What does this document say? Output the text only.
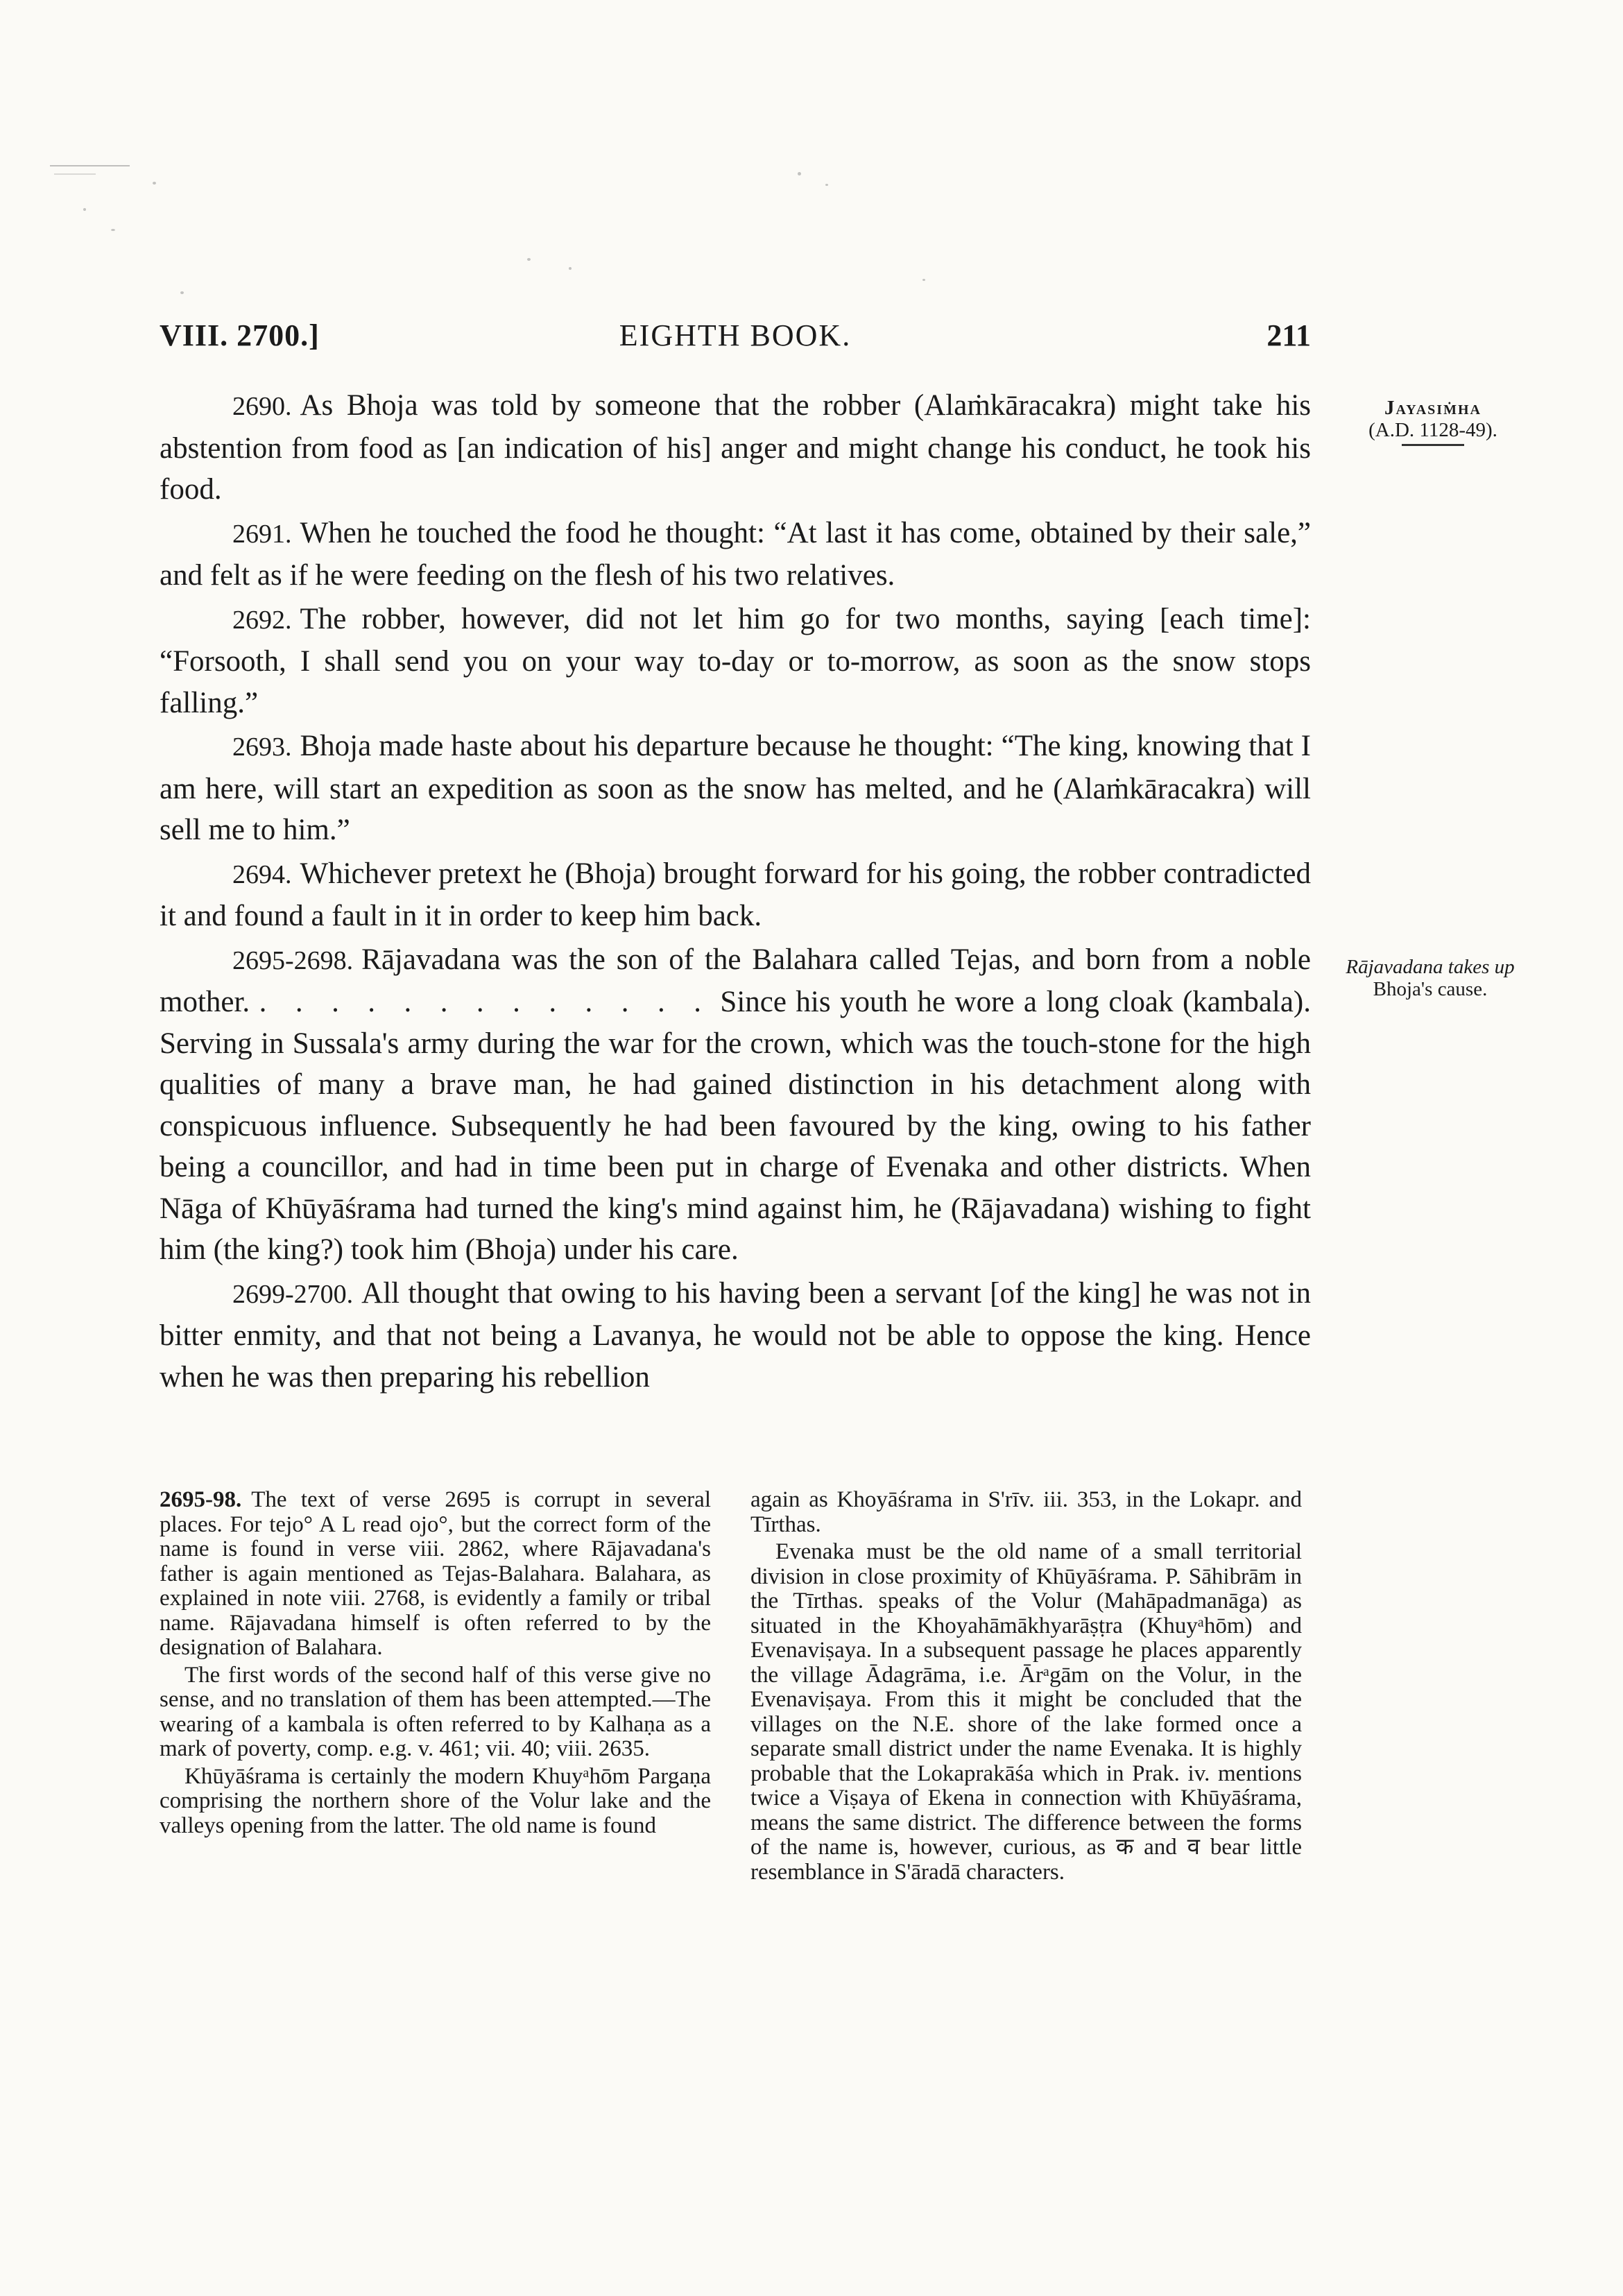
VIII. 2700.]	EIGHTH BOOK.	211
Jayasiṁha
(A.D. 1128-49).
Rājavadana takes up
Bhoja's cause.

2690. As Bhoja was told by someone that the robber (Alaṁkāracakra) might take his abstention from food as [an indication of his] anger and might change his conduct, he took his food.

2691. When he touched the food he thought: “At last it has come, obtained by their sale,” and felt as if he were feeding on the flesh of his two relatives.

2692. The robber, however, did not let him go for two months, saying [each time]: “Forsooth, I shall send you on your way to-day or to-morrow, as soon as the snow stops falling.”

2693. Bhoja made haste about his departure because he thought: “The king, knowing that I am here, will start an expedition as soon as the snow has melted, and he (Alaṁkāracakra) will sell me to him.”

2694. Whichever pretext he (Bhoja) brought forward for his going, the robber contradicted it and found a fault in it in order to keep him back.

2695-2698. Rājavadana was the son of the Balahara called Tejas, and born from a noble mother. . . . . . . . . . . . . . Since his youth he wore a long cloak (kambala). Serving in Sussala's army during the war for the crown, which was the touch-stone for the high qualities of many a brave man, he had gained distinction in his detachment along with conspicuous influence. Subsequently he had been favoured by the king, owing to his father being a councillor, and had in time been put in charge of Evenaka and other districts. When Nāga of Khūyāśrama had turned the king's mind against him, he (Rājavadana) wishing to fight him (the king?) took him (Bhoja) under his care.

2699-2700. All thought that owing to his having been a servant [of the king] he was not in bitter enmity, and that not being a Lavanya, he would not be able to oppose the king. Hence when he was then preparing his rebellion

2695-98. The text of verse 2695 is corrupt in several places. For tejo° A L read ojo°, but the correct form of the name is found in verse viii. 2862, where Rājavadana's father is again mentioned as Tejas-Balahara. Balahara, as explained in note viii. 2768, is evidently a family or tribal name. Rājavadana himself is often referred to by the designation of Balahara.

The first words of the second half of this verse give no sense, and no translation of them has been attempted.—The wearing of a kambala is often referred to by Kalhaṇa as a mark of poverty, comp. e.g. v. 461; vii. 40; viii. 2635.

Khūyāśrama is certainly the modern Khuyᵃhōm Pargaṇa comprising the northern shore of the Volur lake and the valleys opening from the latter. The old name is found

again as Khoyāśrama in S'rīv. iii. 353, in the Lokapr. and Tīrthas.

Evenaka must be the old name of a small territorial division in close proximity of Khūyāśrama. P. Sāhibrām in the Tīrthas. speaks of the Volur (Mahāpadmanāga) as situated in the Khoyahāmākhyarāṣṭra (Khuyᵃhōm) and Evenaviṣaya. In a subsequent passage he places apparently the village Ādagrāma, i.e. Ārᵃgām on the Volur, in the Evenaviṣaya. From this it might be concluded that the villages on the N.E. shore of the lake formed once a separate small district under the name Evenaka. It is highly probable that the Lokaprakāśa which in Prak. iv. mentions twice a Viṣaya of Ekena in connection with Khūyāśrama, means the same district. The difference between the forms of the name is, however, curious, as क and व bear little resemblance in S'āradā characters.
